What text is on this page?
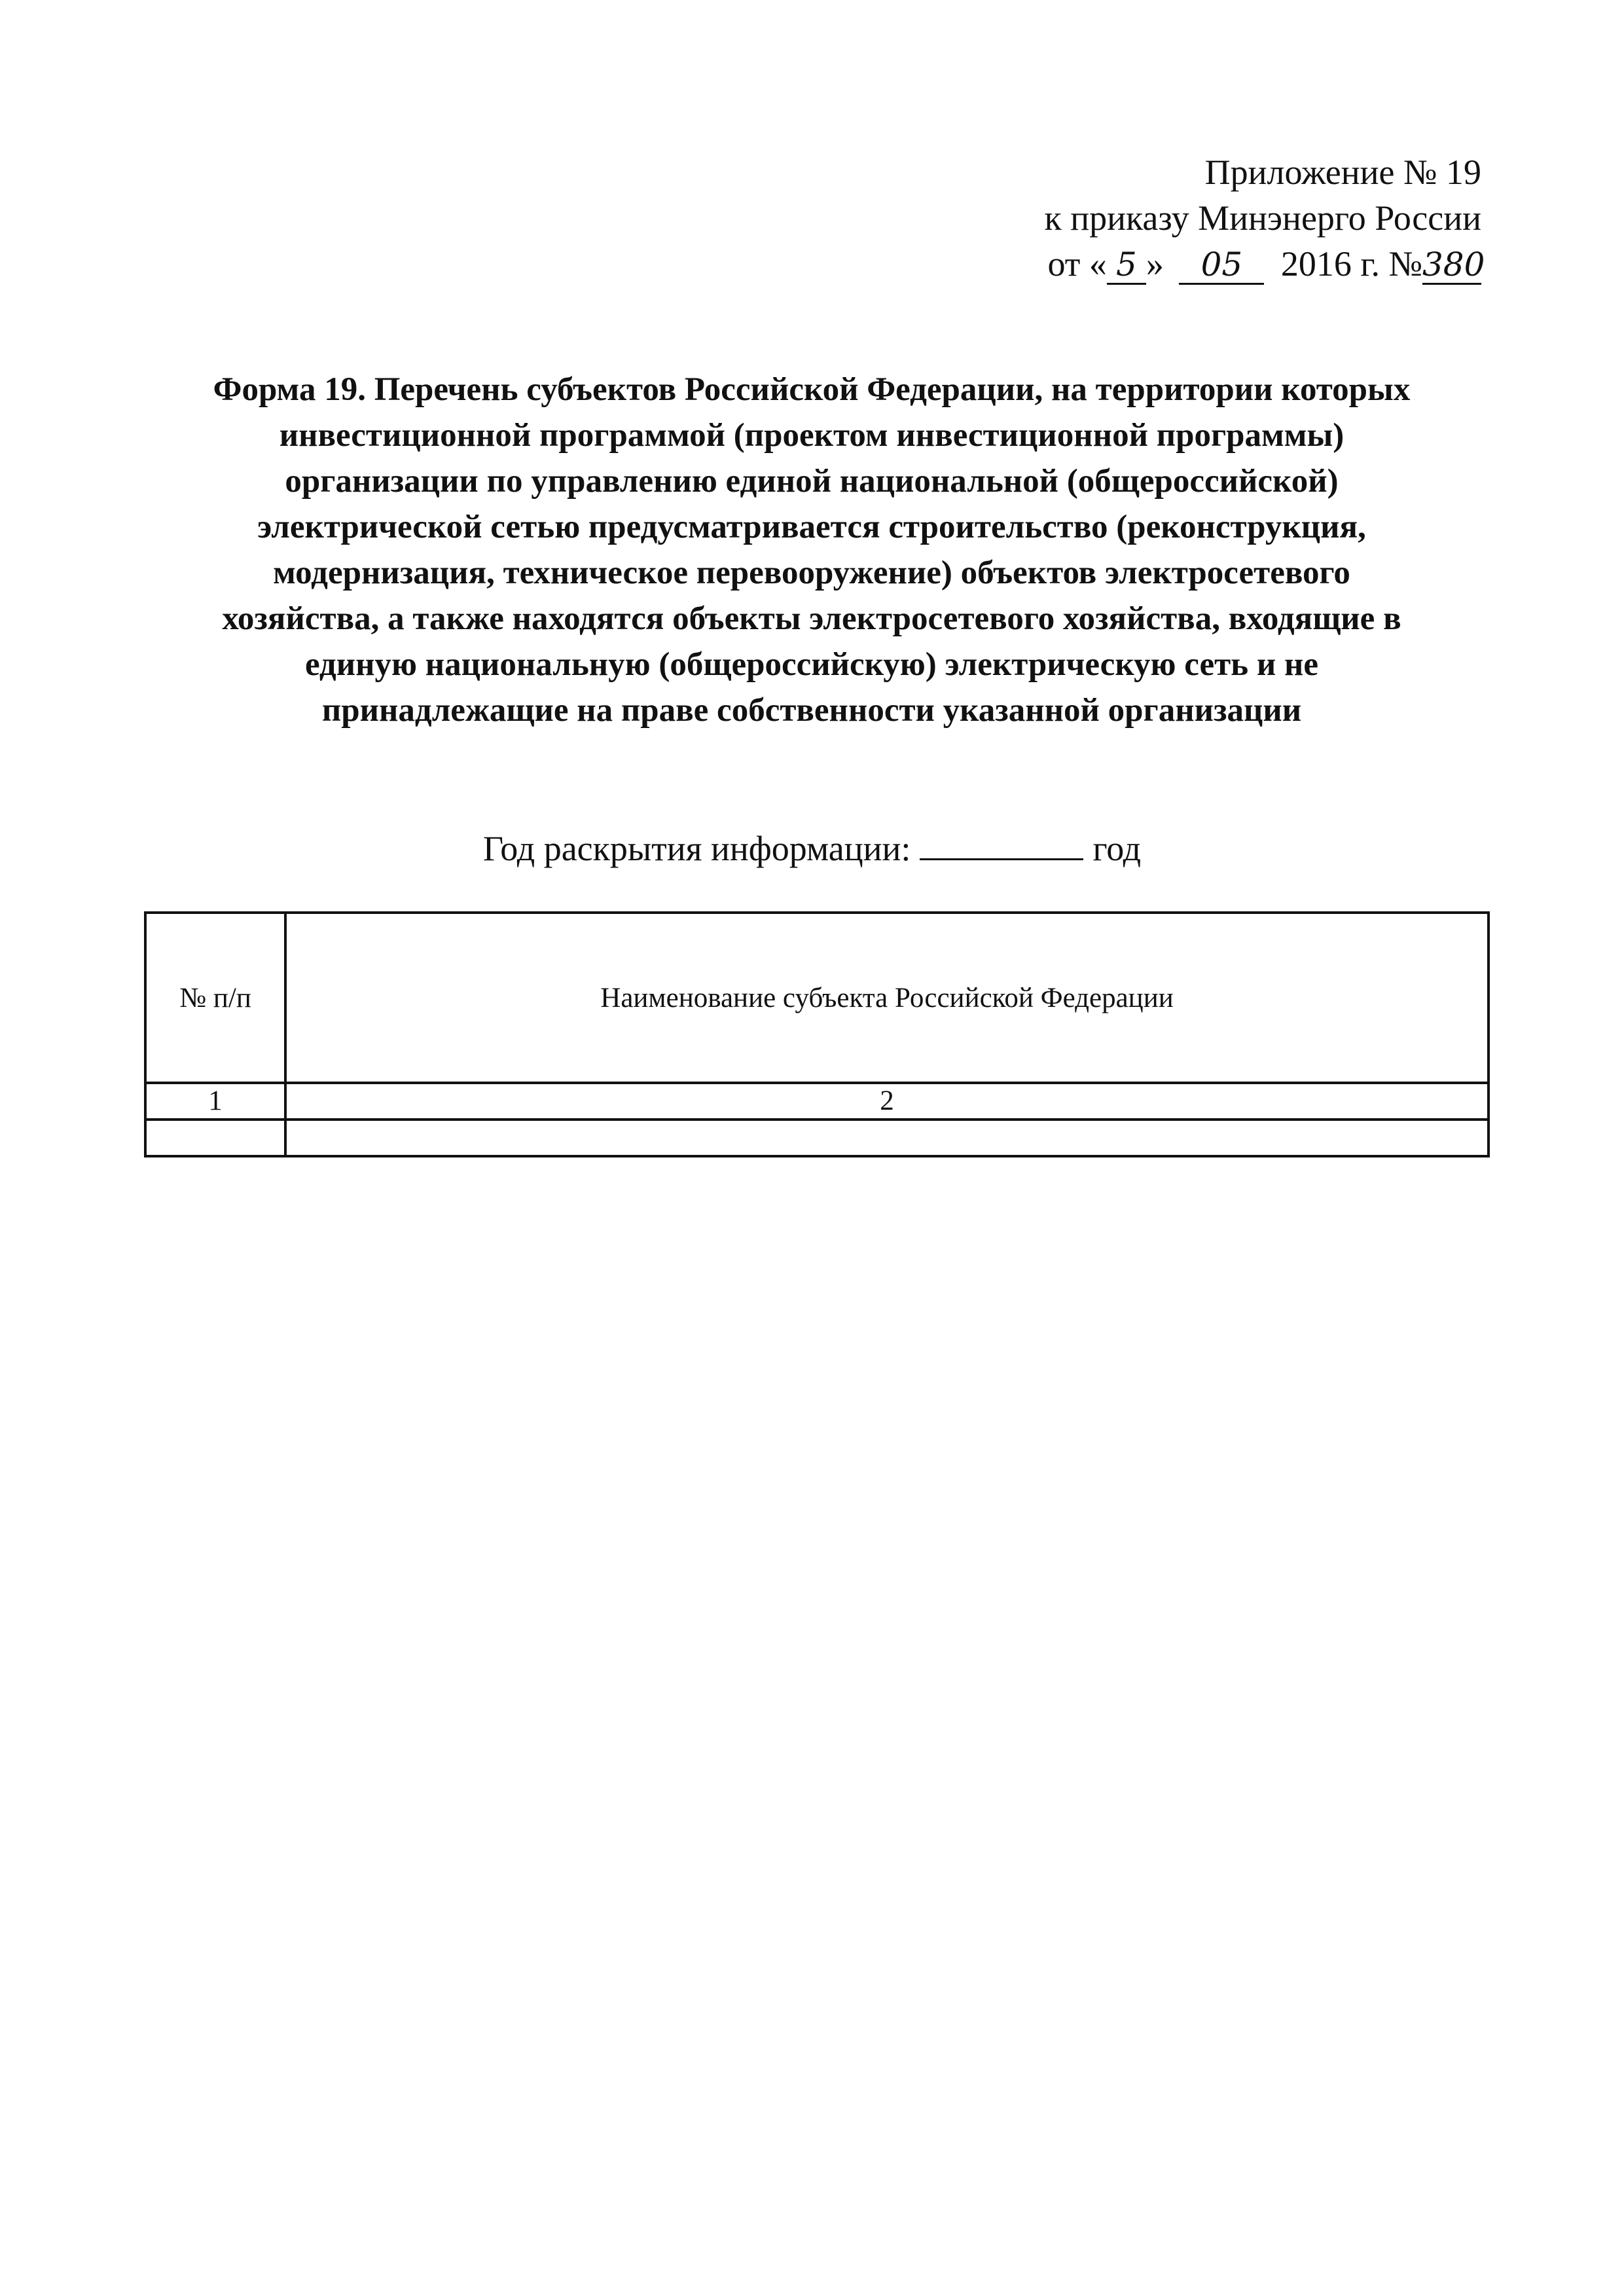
Приложение № 19
к приказу Минэнерго России
от « 5 » 05 2016 г. №380
Форма 19. Перечень субъектов Российской Федерации, на территории которых
инвестиционной программой (проектом инвестиционной программы)
организации по управлению единой национальной (общероссийской)
электрической сетью предусматривается строительство (реконструкция,
модернизация, техническое перевооружение) объектов электросетевого
хозяйства, а также находятся объекты электросетевого хозяйства, входящие в
единую национальную (общероссийскую) электрическую сеть и не
принадлежащие на праве собственности указанной организации
Год раскрытия информации:	год
№ п/п	Наименование субъекта Российской Федерации
1	2
